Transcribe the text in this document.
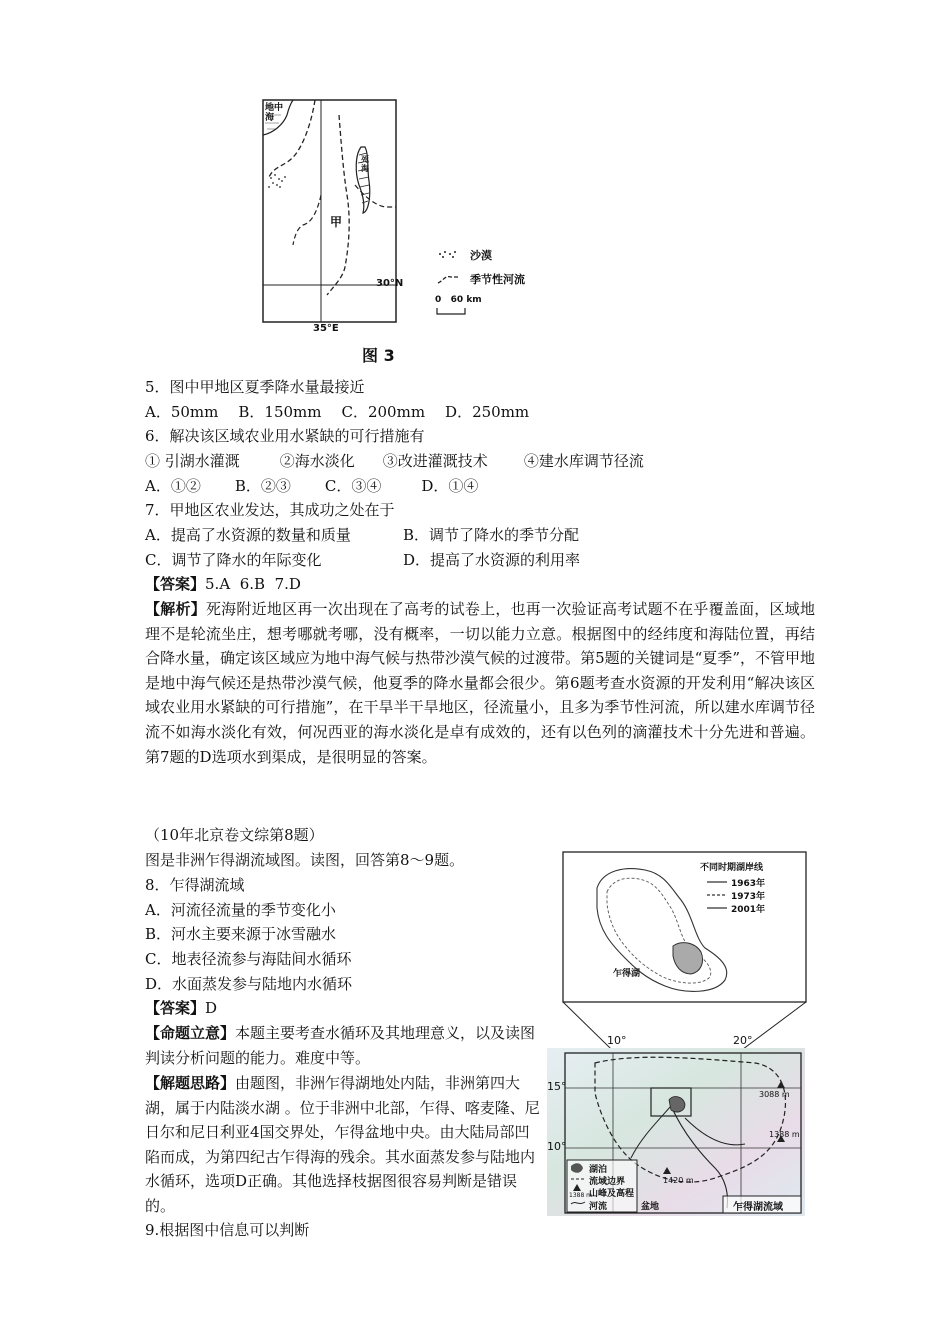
地中海
死海
甲
30°N
35°E
沙漠
季节性河流
0   60 km
图 3
5．图中甲地区夏季降水量最接近
A．50mm B．150mm C．200mm D．250mm
6．解决该区域农业用水紧缺的可行措施有
① 引湖水灌溉	②海水淡化 ③改进灌溉技术 ④建水库调节径流
A．①② B．②③ C．③④	D．①④
7．甲地区农业发达，其成功之处在于
A．提高了水资源的数量和质量	B．调节了降水的季节分配
C．调节了降水的年际变化	D．提高了水资源的利用率
【答案】5.A  6.B  7.D
【解析】死海附近地区再一次出现在了高考的试卷上，也再一次验证高考试题不在乎覆盖面，区域地理不是轮流坐庄，想考哪就考哪，没有概率，一切以能力立意。根据图中的经纬度和海陆位置，再结合降水量，确定该区域应为地中海气候与热带沙漠气候的过渡带。第5题的关键词是“夏季”，不管甲地是地中海气候还是热带沙漠气候，他夏季的降水量都会很少。第6题考查水资源的开发利用“解决该区域农业用水紧缺的可行措施”，在干旱半干旱地区，径流量小，且多为季节性河流，所以建水库调节径流不如海水淡化有效，何况西亚的海水淡化是卓有成效的，还有以色列的滴灌技术十分先进和普遍。第7题的D选项水到渠成，是很明显的答案。
（10年北京卷文综第8题）
图是非洲乍得湖流域图。读图，回答第8～9题。
8．乍得湖流域
A．河流径流量的季节变化小
B．河水主要来源于冰雪融水
C．地表径流参与海陆间水循环
D．水面蒸发参与陆地内水循环
【答案】D
【命题立意】本题主要考查水循环及其地理意义，以及读图判读分析问题的能力。难度中等。
【解题思路】由题图，非洲乍得湖地处内陆，非洲第四大湖，属于内陆淡水湖 。位于非洲中北部，乍得、喀麦隆、尼日尔和尼日利亚4国交界处，乍得盆地中央。由大陆局部凹陷而成，为第四纪古乍得海的残余。其水面蒸发参与陆地内水循环，选项D正确。其他选择枝据图很容易判断是错误的。
9.根据图中信息可以判断
不同时期湖岸线
1963年
1973年
2001年
乍得湖
10°	20°
15°
10°
3088 m
1388 m
1420 m
湖泊
流域边界
山峰及高程
1388 m
河流	盆地	乍得湖流域
